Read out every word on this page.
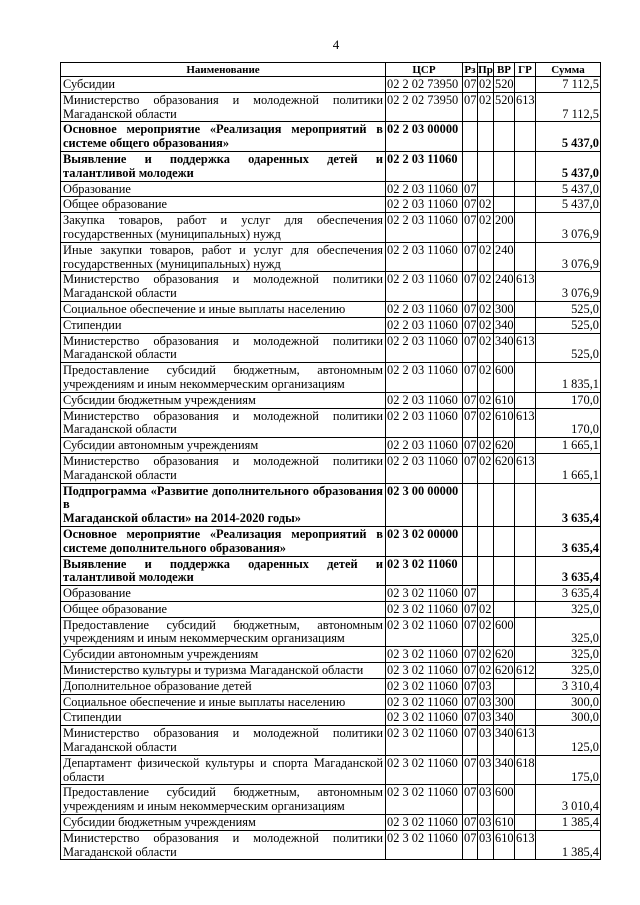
4
Наименование	ЦСР	Рз	Пр	ВР	ГР	Сумма

Субсидии	02 2 02 73950	07	02	520		7 112,5

Министерство образования и молодежной политики
Магаданской области	02 2 02 73950	07	02	520	613	7 112,5

Основное мероприятие «Реализация мероприятий в
системе общего образования»	02 2 03 00000					5 437,0

Выявление и поддержка одаренных детей и
талантливой молодежи	02 2 03 11060					5 437,0

Образование	02 2 03 11060	07				5 437,0

Общее образование	02 2 03 11060	07	02			5 437,0

Закупка товаров, работ и услуг для обеспечения
государственных (муниципальных) нужд	02 2 03 11060	07	02	200		3 076,9

Иные закупки товаров, работ и услуг для обеспечения
государственных (муниципальных) нужд	02 2 03 11060	07	02	240		3 076,9

Министерство образования и молодежной политики
Магаданской области	02 2 03 11060	07	02	240	613	3 076,9

Социальное обеспечение и иные выплаты населению	02 2 03 11060	07	02	300		525,0

Стипендии	02 2 03 11060	07	02	340		525,0

Министерство образования и молодежной политики
Магаданской области	02 2 03 11060	07	02	340	613	525,0

Предоставление субсидий бюджетным, автономным
учреждениям и иным некоммерческим организациям	02 2 03 11060	07	02	600		1 835,1

Субсидии бюджетным учреждениям	02 2 03 11060	07	02	610		170,0

Министерство образования и молодежной политики
Магаданской области	02 2 03 11060	07	02	610	613	170,0

Субсидии автономным учреждениям	02 2 03 11060	07	02	620		1 665,1

Министерство образования и молодежной политики
Магаданской области	02 2 03 11060	07	02	620	613	1 665,1

Подпрограмма «Развитие дополнительного образования в
Магаданской области» на 2014-2020 годы»	02 3 00 00000					3 635,4

Основное мероприятие «Реализация мероприятий в
системе дополнительного образования»	02 3 02 00000					3 635,4

Выявление и поддержка одаренных детей и
талантливой молодежи	02 3 02 11060					3 635,4

Образование	02 3 02 11060	07				3 635,4

Общее образование	02 3 02 11060	07	02			325,0

Предоставление субсидий бюджетным, автономным
учреждениям и иным некоммерческим организациям	02 3 02 11060	07	02	600		325,0

Субсидии автономным учреждениям	02 3 02 11060	07	02	620		325,0

Министерство культуры и туризма Магаданской области	02 3 02 11060	07	02	620	612	325,0

Дополнительное образование детей	02 3 02 11060	07	03			3 310,4

Социальное обеспечение и иные выплаты населению	02 3 02 11060	07	03	300		300,0

Стипендии	02 3 02 11060	07	03	340		300,0

Министерство образования и молодежной политики
Магаданской области	02 3 02 11060	07	03	340	613	125,0

Департамент физической культуры и спорта Магаданской
области	02 3 02 11060	07	03	340	618	175,0

Предоставление субсидий бюджетным, автономным
учреждениям и иным некоммерческим организациям	02 3 02 11060	07	03	600		3 010,4

Субсидии бюджетным учреждениям	02 3 02 11060	07	03	610		1 385,4

Министерство образования и молодежной политики
Магаданской области	02 3 02 11060	07	03	610	613	1 385,4
